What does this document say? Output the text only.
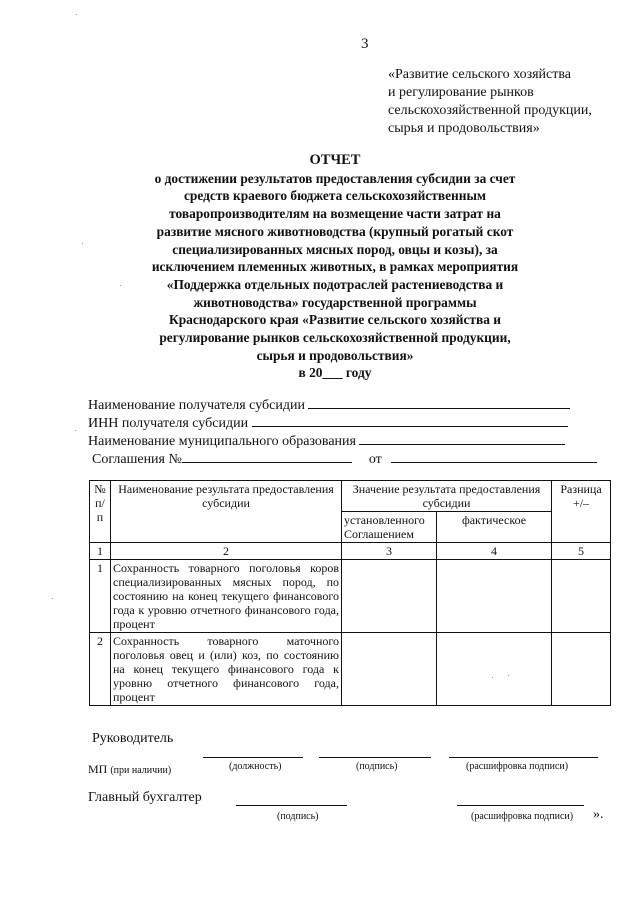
3
«Развитие сельского хозяйства
и регулирование рынков
сельскохозяйственной продукции,
сырья и продовольствия»
ОТЧЕТ
о достижении результатов предоставления субсидии за счет
средств краевого бюджета сельскохозяйственным
товаропроизводителям на возмещение части затрат на
развитие мясного животноводства (крупный рогатый скот
специализированных мясных пород, овцы и козы), за
исключением племенных животных, в рамках мероприятия
«Поддержка отдельных подотраслей растениеводства и
животноводства» государственной программы
Краснодарского края «Развитие сельского хозяйства и
регулирование рынков сельскохозяйственной продукции,
сырья и продовольствия»
в 20___ году
Наименование получателя субсидии
ИНН получателя субсидии
Наименование муниципального образования
Соглашения №	от
№ п/п	Наименование результата предоставления субсидии	Значение результата предоставления субсидии		Разница +/–
		установленного Соглашением	фактическое	
1	2	3	4	5
1	Сохранность товарного поголовья коров специализированных мясных пород, по состоянию на конец текущего финансового года к уровню отчетного финансового года, процент			
2	Сохранность товарного маточного поголовья овец и (или) коз, по состоянию на конец текущего финансового года к уровню отчетного финансового года, процент			
Руководитель
МП (при наличии)	(должность)	(подпись)	(расшифровка подписи)
Главный бухгалтер
(подпись)	(расшифровка подписи) ».
